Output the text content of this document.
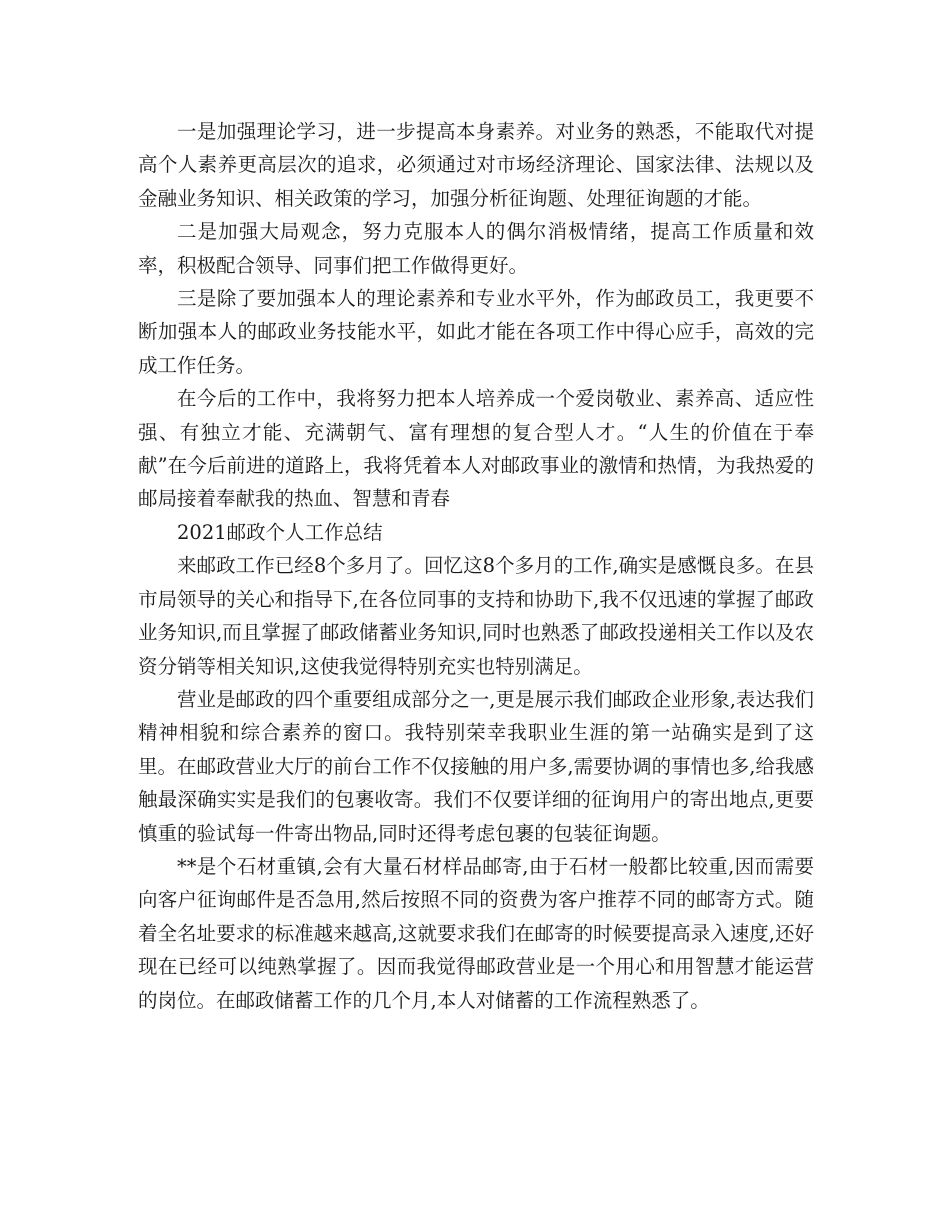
一是加强理论学习，进一步提高本身素养。对业务的熟悉，不能取代对提高个人素养更高层次的追求，必须通过对市场经济理论、国家法律、法规以及金融业务知识、相关政策的学习，加强分析征询题、处理征询题的才能。

二是加强大局观念，努力克服本人的偶尔消极情绪，提高工作质量和效率，积极配合领导、同事们把工作做得更好。

三是除了要加强本人的理论素养和专业水平外，作为邮政员工，我更要不断加强本人的邮政业务技能水平，如此才能在各项工作中得心应手，高效的完成工作任务。

在今后的工作中，我将努力把本人培养成一个爱岗敬业、素养高、适应性强、有独立才能、充满朝气、富有理想的复合型人才。“人生的价值在于奉献”在今后前进的道路上，我将凭着本人对邮政事业的激情和热情，为我热爱的邮局接着奉献我的热血、智慧和青春

2021邮政个人工作总结

来邮政工作已经8个多月了。回忆这8个多月的工作,确实是感慨良多。在县市局领导的关心和指导下,在各位同事的支持和协助下,我不仅迅速的掌握了邮政业务知识,而且掌握了邮政储蓄业务知识,同时也熟悉了邮政投递相关工作以及农资分销等相关知识,这使我觉得特别充实也特别满足。

营业是邮政的四个重要组成部分之一,更是展示我们邮政企业形象,表达我们精神相貌和综合素养的窗口。我特别荣幸我职业生涯的第一站确实是到了这里。在邮政营业大厅的前台工作不仅接触的用户多,需要协调的事情也多,给我感触最深确实实是我们的包裹收寄。我们不仅要详细的征询用户的寄出地点,更要慎重的验试每一件寄出物品,同时还得考虑包裹的包装征询题。

**是个石材重镇,会有大量石材样品邮寄,由于石材一般都比较重,因而需要向客户征询邮件是否急用,然后按照不同的资费为客户推荐不同的邮寄方式。随着全名址要求的标准越来越高,这就要求我们在邮寄的时候要提高录入速度,还好现在已经可以纯熟掌握了。因而我觉得邮政营业是一个用心和用智慧才能运营的岗位。在邮政储蓄工作的几个月,本人对储蓄的工作流程熟悉了。
